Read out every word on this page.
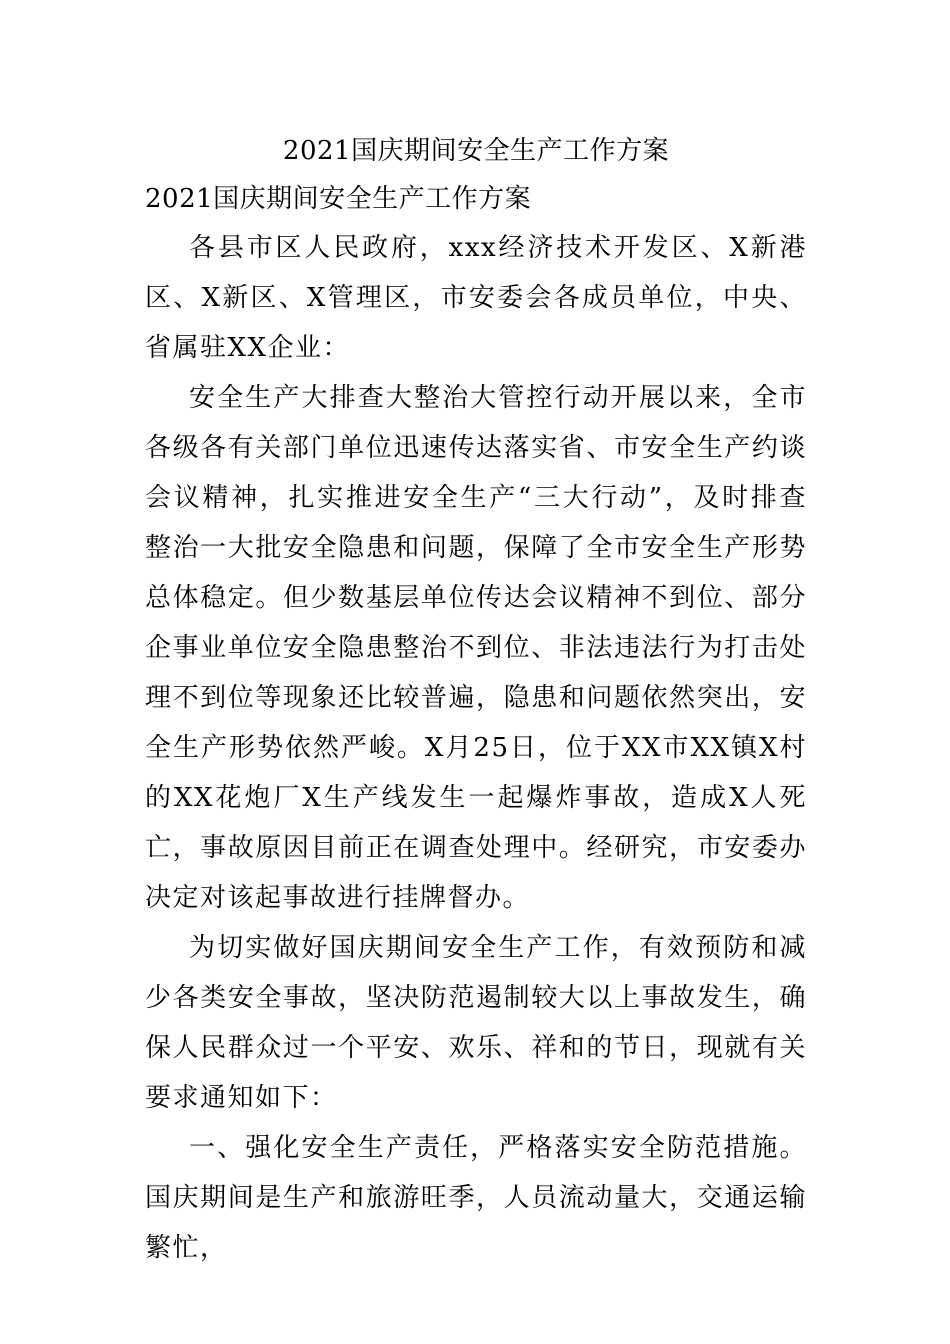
2021国庆期间安全生产工作方案

2021国庆期间安全生产工作方案

各县市区人民政府，xxx经济技术开发区、X新港区、X新区、X管理区，市安委会各成员单位，中央、省属驻XX企业：

安全生产大排查大整治大管控行动开展以来，全市各级各有关部门单位迅速传达落实省、市安全生产约谈会议精神，扎实推进安全生产“三大行动”，及时排查整治一大批安全隐患和问题，保障了全市安全生产形势总体稳定。但少数基层单位传达会议精神不到位、部分企事业单位安全隐患整治不到位、非法违法行为打击处理不到位等现象还比较普遍，隐患和问题依然突出，安全生产形势依然严峻。X月25日，位于XX市XX镇X村的XX花炮厂X生产线发生一起爆炸事故，造成X人死亡，事故原因目前正在调查处理中。经研究，市安委办决定对该起事故进行挂牌督办。

为切实做好国庆期间安全生产工作，有效预防和减少各类安全事故，坚决防范遏制较大以上事故发生，确保人民群众过一个平安、欢乐、祥和的节日，现就有关要求通知如下：

一、强化安全生产责任，严格落实安全防范措施。国庆期间是生产和旅游旺季，人员流动量大，交通运输繁忙，
